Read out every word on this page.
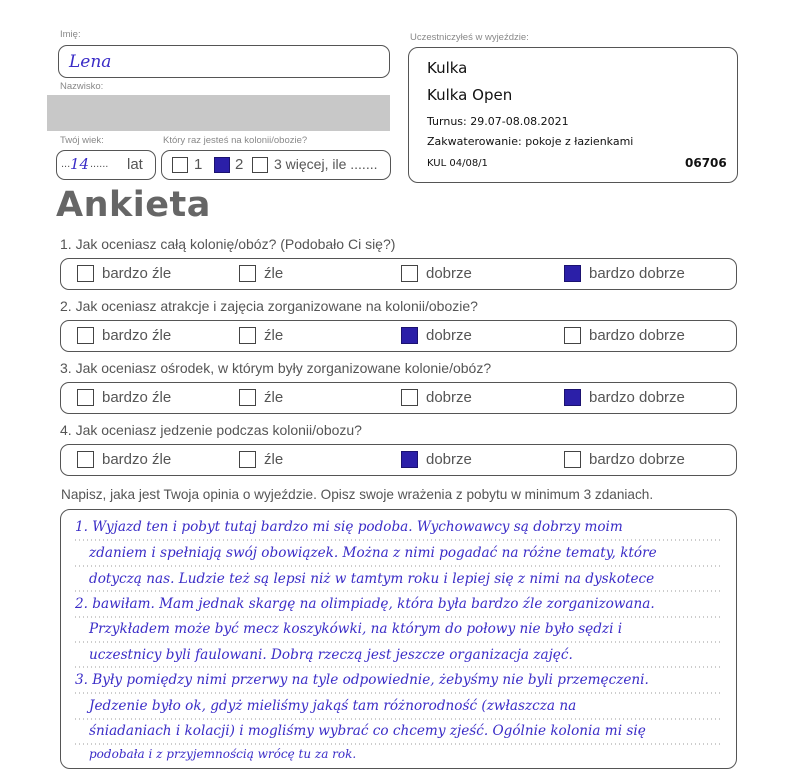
Imię:
Lena
Nazwisko:
Twój wiek:
... 14 ...... lat
Który raz jesteś na kolonii/obozie?
1 2 3 więcej, ile .......
Uczestniczyłeś w wyjeździe:
Kulka
Kulka Open
Turnus: 29.07-08.08.2021
Zakwaterowanie: pokoje z łazienkami
KUL 04/08/1	06706
Ankieta
1. Jak oceniasz całą kolonię/obóz? (Podobało Ci się?)
bardzo źle	źle	dobrze	bardzo dobrze
2. Jak oceniasz atrakcje i zajęcia zorganizowane na kolonii/obozie?
bardzo źle	źle	dobrze	bardzo dobrze
3. Jak oceniasz ośrodek, w którym były zorganizowane kolonie/obóz?
bardzo źle	źle	dobrze	bardzo dobrze
4. Jak oceniasz jedzenie podczas kolonii/obozu?
bardzo źle	źle	dobrze	bardzo dobrze
Napisz, jaka jest Twoja opinia o wyjeździe. Opisz swoje wrażenia z pobytu w minimum 3 zdaniach.
1. Wyjazd ten i pobyt tutaj bardzo mi się podoba. Wychowawcy są dobrzy moim
zdaniem i spełniają swój obowiązek. Można z nimi pogadać na różne tematy, które
dotyczą nas. Ludzie też są lepsi niż w tamtym roku i lepiej się z nimi na dyskotece
2. bawiłam. Mam jednak skargę na olimpiadę, która była bardzo źle zorganizowana.
Przykładem może być mecz koszykówki, na którym do połowy nie było sędzi i
uczestnicy byli faulowani. Dobrą rzeczą jest jeszcze organizacja zajęć.
3. Były pomiędzy nimi przerwy na tyle odpowiednie, żebyśmy nie byli przemęczeni.
Jedzenie było ok, gdyż mieliśmy jakąś tam różnorodność (zwłaszcza na
śniadaniach i kolacji) i mogliśmy wybrać co chcemy zjeść. Ogólnie kolonia mi się
podobała i z przyjemnością wrócę tu za rok.
